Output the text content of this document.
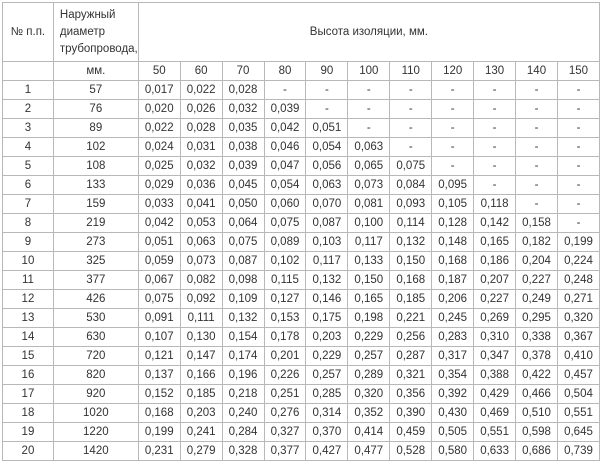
№ п.п.	Наружный
диаметр
трубопровода,	Высота изоляции, мм.										
	мм.	50	60	70	80	90	100	110	120	130	140	150
1	57	0,017	0,022	0,028	-	-	-	-	-	-	-	-
2	76	0,020	0,026	0,032	0,039	-	-	-	-	-	-	-
3	89	0,022	0,028	0,035	0,042	0,051	-	-	-	-	-	-
4	102	0,024	0,031	0,038	0,046	0,054	0,063	-	-	-	-	-
5	108	0,025	0,032	0,039	0,047	0,056	0,065	0,075	-	-	-	-
6	133	0,029	0,036	0,045	0,054	0,063	0,073	0,084	0,095	-	-	-
7	159	0,033	0,041	0,050	0,060	0,070	0,081	0,093	0,105	0,118	-	-
8	219	0,042	0,053	0,064	0,075	0,087	0,100	0,114	0,128	0,142	0,158	-
9	273	0,051	0,063	0,075	0,089	0,103	0,117	0,132	0,148	0,165	0,182	0,199
10	325	0,059	0,073	0,087	0,102	0,117	0,133	0,150	0,168	0,186	0,204	0,224
11	377	0,067	0,082	0,098	0,115	0,132	0,150	0,168	0,187	0,207	0,227	0,248
12	426	0,075	0,092	0,109	0,127	0,146	0,165	0,185	0,206	0,227	0,249	0,271
13	530	0,091	0,111	0,132	0,153	0,175	0,198	0,221	0,245	0,269	0,295	0,320
14	630	0,107	0,130	0,154	0,178	0,203	0,229	0,256	0,283	0,310	0,338	0,367
15	720	0,121	0,147	0,174	0,201	0,229	0,257	0,287	0,317	0,347	0,378	0,410
16	820	0,137	0,166	0,196	0,226	0,257	0,289	0,321	0,354	0,388	0,422	0,457
17	920	0,152	0,185	0,218	0,251	0,285	0,320	0,356	0,392	0,429	0,466	0,504
18	1020	0,168	0,203	0,240	0,276	0,314	0,352	0,390	0,430	0,469	0,510	0,551
19	1220	0,199	0,241	0,284	0,327	0,370	0,414	0,459	0,505	0,551	0,598	0,645
20	1420	0,231	0,279	0,328	0,377	0,427	0,477	0,528	0,580	0,633	0,686	0,739
